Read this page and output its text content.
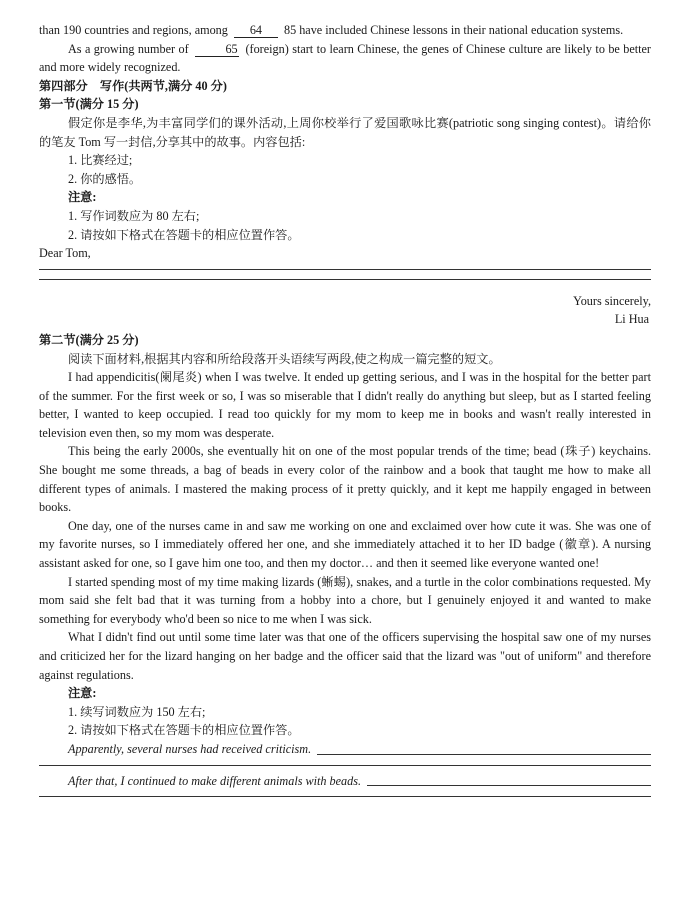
than 190 countries and regions, among 64 85 have included Chinese lessons in their national education systems.

As a growing number of	65 (foreign) start to learn Chinese, the genes of Chinese culture are likely to be better and more widely recognized.

第四部分　写作(共两节,满分 40 分)

第一节(满分 15 分)

假定你是李华,为丰富同学们的课外活动,上周你校举行了爱国歌咏比赛(patriotic song singing contest)。请给你的笔友 Tom 写一封信,分享其中的故事。内容包括:

1. 比赛经过;

2. 你的感悟。

注意:

1. 写作词数应为 80 左右;

2. 请按如下格式在答题卡的相应位置作答。

Dear Tom,

Yours sincerely,

Li Hua

第二节(满分 25 分)

阅读下面材料,根据其内容和所给段落开头语续写两段,使之构成一篇完整的短文。

I had appendicitis(阑尾炎) when I was twelve. It ended up getting serious, and I was in the hospital for the better part of the summer. For the first week or so, I was so miserable that I didn't really do anything but sleep, but as I started feeling better, I wanted to keep occupied. I read too quickly for my mom to keep me in books and wasn't really interested in television even then, so my mom was desperate.

This being the early 2000s, she eventually hit on one of the most popular trends of the time; bead (珠子) keychains. She bought me some threads, a bag of beads in every color of the rainbow and a book that taught me how to make all different types of animals. I mastered the making process of it pretty quickly, and it kept me happily engaged in between books.

One day, one of the nurses came in and saw me working on one and exclaimed over how cute it was. She was one of my favorite nurses, so I immediately offered her one, and she immediately attached it to her ID badge (徽章). A nursing assistant asked for one, so I gave him one too, and then my doctor… and then it seemed like everyone wanted one!

I started spending most of my time making lizards (蜥蜴), snakes, and a turtle in the color combinations requested. My mom said she felt bad that it was turning from a hobby into a chore, but I genuinely enjoyed it and wanted to make something for everybody who'd been so nice to me when I was sick.

What I didn't find out until some time later was that one of the officers supervising the hospital saw one of my nurses and criticized her for the lizard hanging on her badge and the officer said that the lizard was "out of uniform" and therefore against regulations.

注意:

1. 续写词数应为 150 左右;

2. 请按如下格式在答题卡的相应位置作答。

Apparently, several nurses had received criticism.
After that, I continued to make different animals with beads.
